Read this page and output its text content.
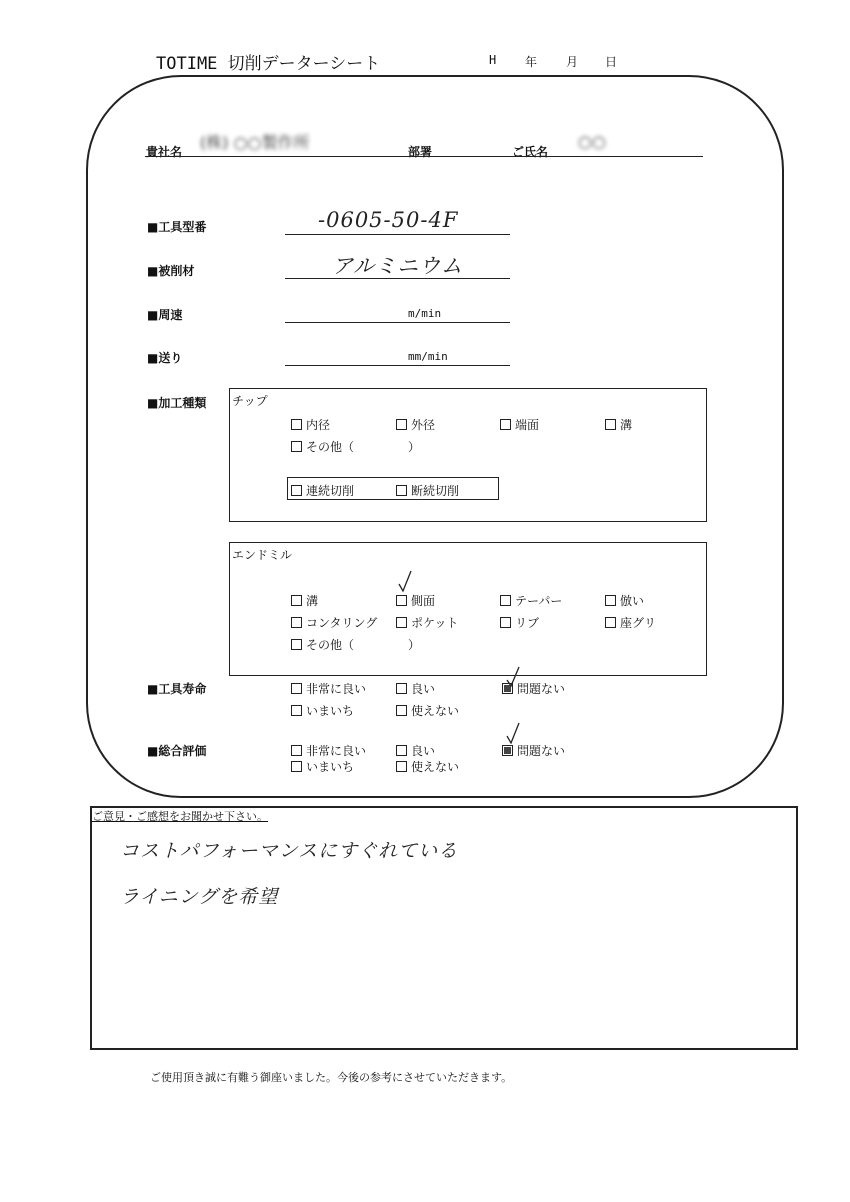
TOTIME 切削データーシート	H 年 月 日
貴社名 (株) ○○製作所	部署	ご氏名
○○
■工具型番	-0605-50-4F
■被削材	アルミニウム
■周速	m/min
■送り	mm/min
■加工種類 チップ
内径	外径	端面	溝
その他（	）
連続切削	断続切削
エンドミル
溝	側面	テーパー	倣い
コンタリング	ポケット	リブ	座グリ
その他（	）
■工具寿命	非常に良い	良い	問題ない
いまいち	使えない
■総合評価	非常に良い	良い	問題ない
いまいち	使えない
ご意見・ご感想をお聞かせ下さい。
コストパフォーマンスにすぐれている
ライニングを希望
ご使用頂き誠に有難う御座いました。今後の参考にさせていただきます。
